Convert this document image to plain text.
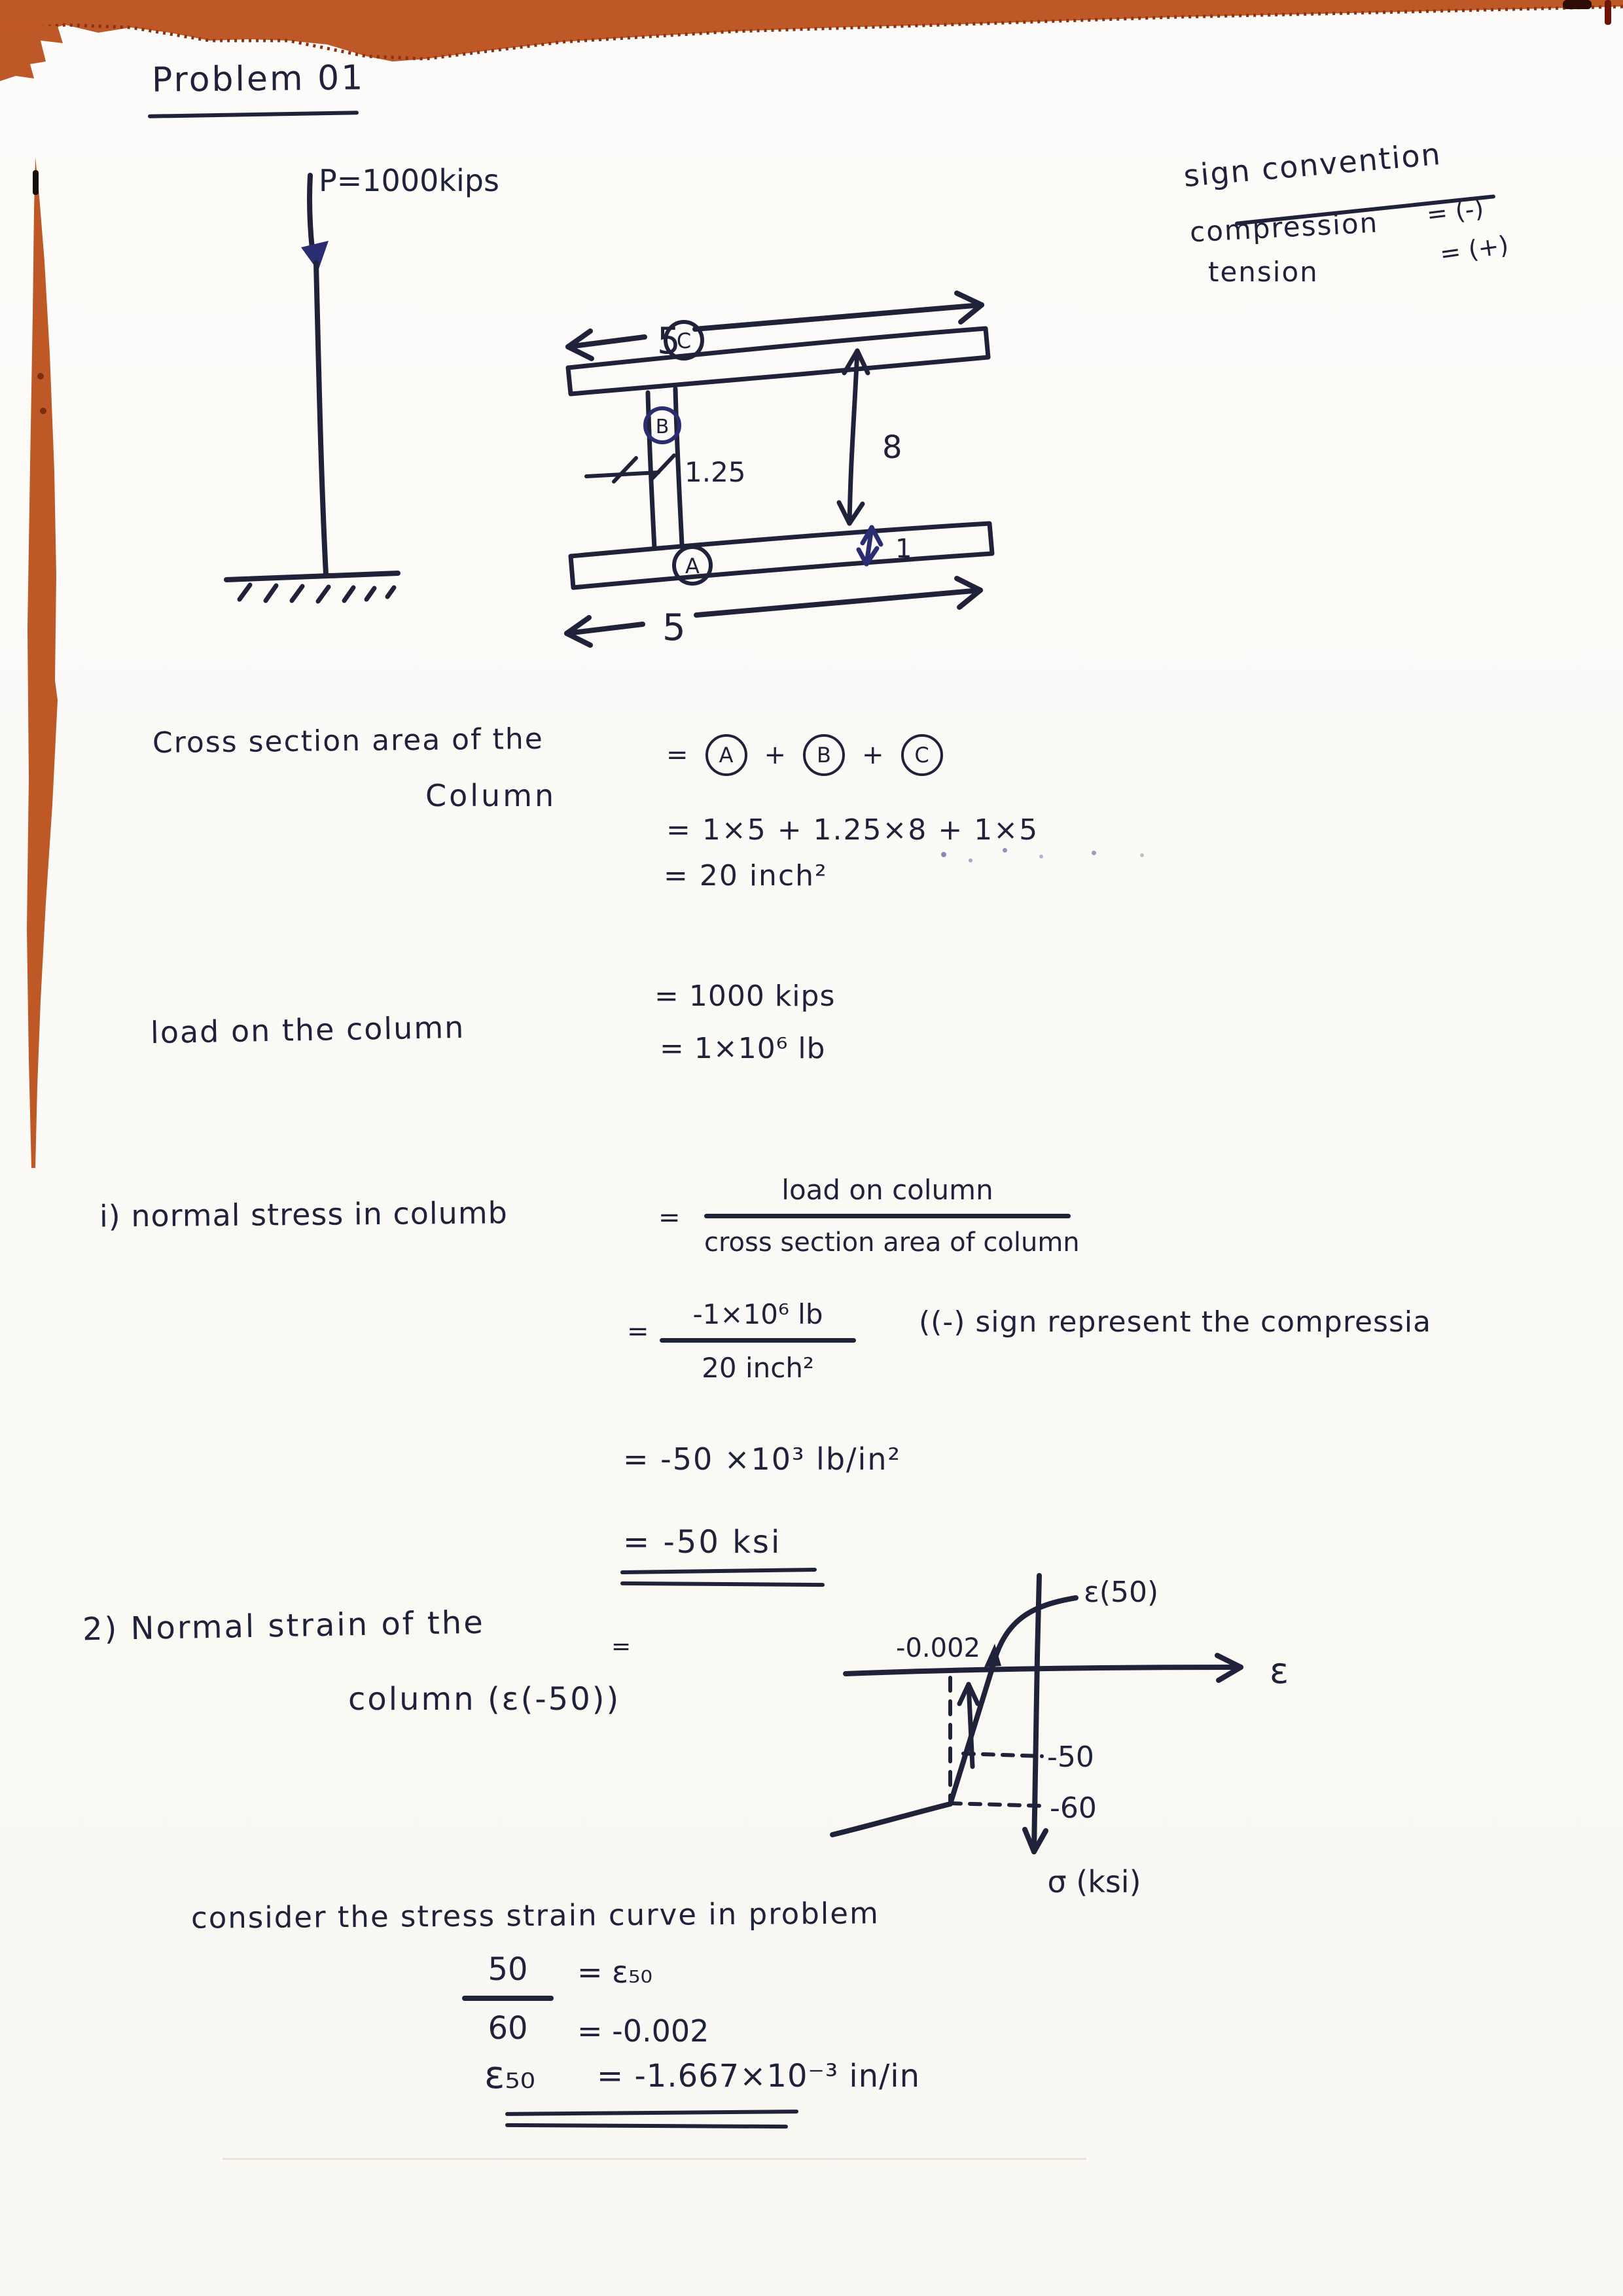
Problem 01
sign convention
compression = (-)
tension
= (+)
P=1000kips
5
C
B
1.25
8
A
1
5
Cross section area of the
Column
=	A	+	B	+	C
= 1×5 + 1.25×8 + 1×5
= 20 inch²
load on the column
= 1000 kips
= 1×10⁶ lb
i) normal stress in columb	=
load on column
cross section area of column
=
-1×10⁶ lb
20 inch²
((-) sign represent the compressia
= -50 ×10³ lb/in²
= -50 ksi
2) Normal strain of the	=
column (ε(-50))
ε
σ (ksi)
ε(50)
-0.002
-50
-60
consider the stress strain curve in problem
50
60
= ε₅₀
= -0.002
ε₅₀ = -1.667×10⁻³ in/in
